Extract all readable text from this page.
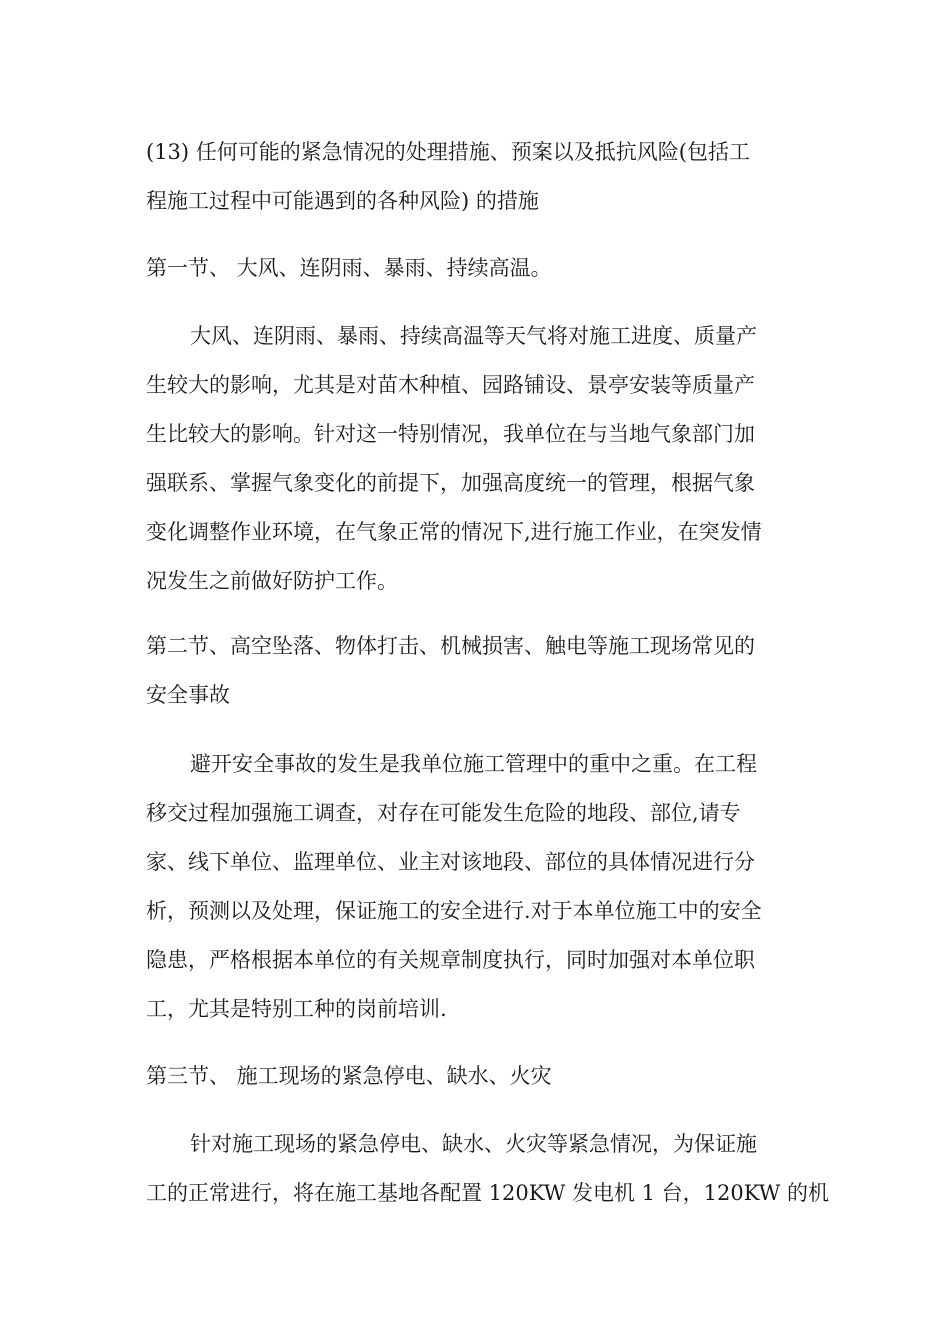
(13) 任何可能的紧急情况的处理措施、预案以及抵抗风险(包括工
程施工过程中可能遇到的各种风险) 的措施
第一节、 大风、连阴雨、暴雨、持续高温。
大风、连阴雨、暴雨、持续高温等天气将对施工进度、质量产
生较大的影响，尤其是对苗木种植、园路铺设、景亭安装等质量产
生比较大的影响。针对这一特别情况，我单位在与当地气象部门加
强联系、掌握气象变化的前提下，加强高度统一的管理，根据气象
变化调整作业环境，在气象正常的情况下,进行施工作业，在突发情
况发生之前做好防护工作。
第二节、高空坠落、物体打击、机械损害、触电等施工现场常见的
安全事故
避开安全事故的发生是我单位施工管理中的重中之重。在工程
移交过程加强施工调查，对存在可能发生危险的地段、部位,请专
家、线下单位、监理单位、业主对该地段、部位的具体情况进行分
析，预测以及处理，保证施工的安全进行.对于本单位施工中的安全
隐患，严格根据本单位的有关规章制度执行，同时加强对本单位职
工，尤其是特别工种的岗前培训.
第三节、 施工现场的紧急停电、缺水、火灾
针对施工现场的紧急停电、缺水、火灾等紧急情况，为保证施
工的正常进行，将在施工基地各配置 120KW 发电机 1 台，120KW 的机
